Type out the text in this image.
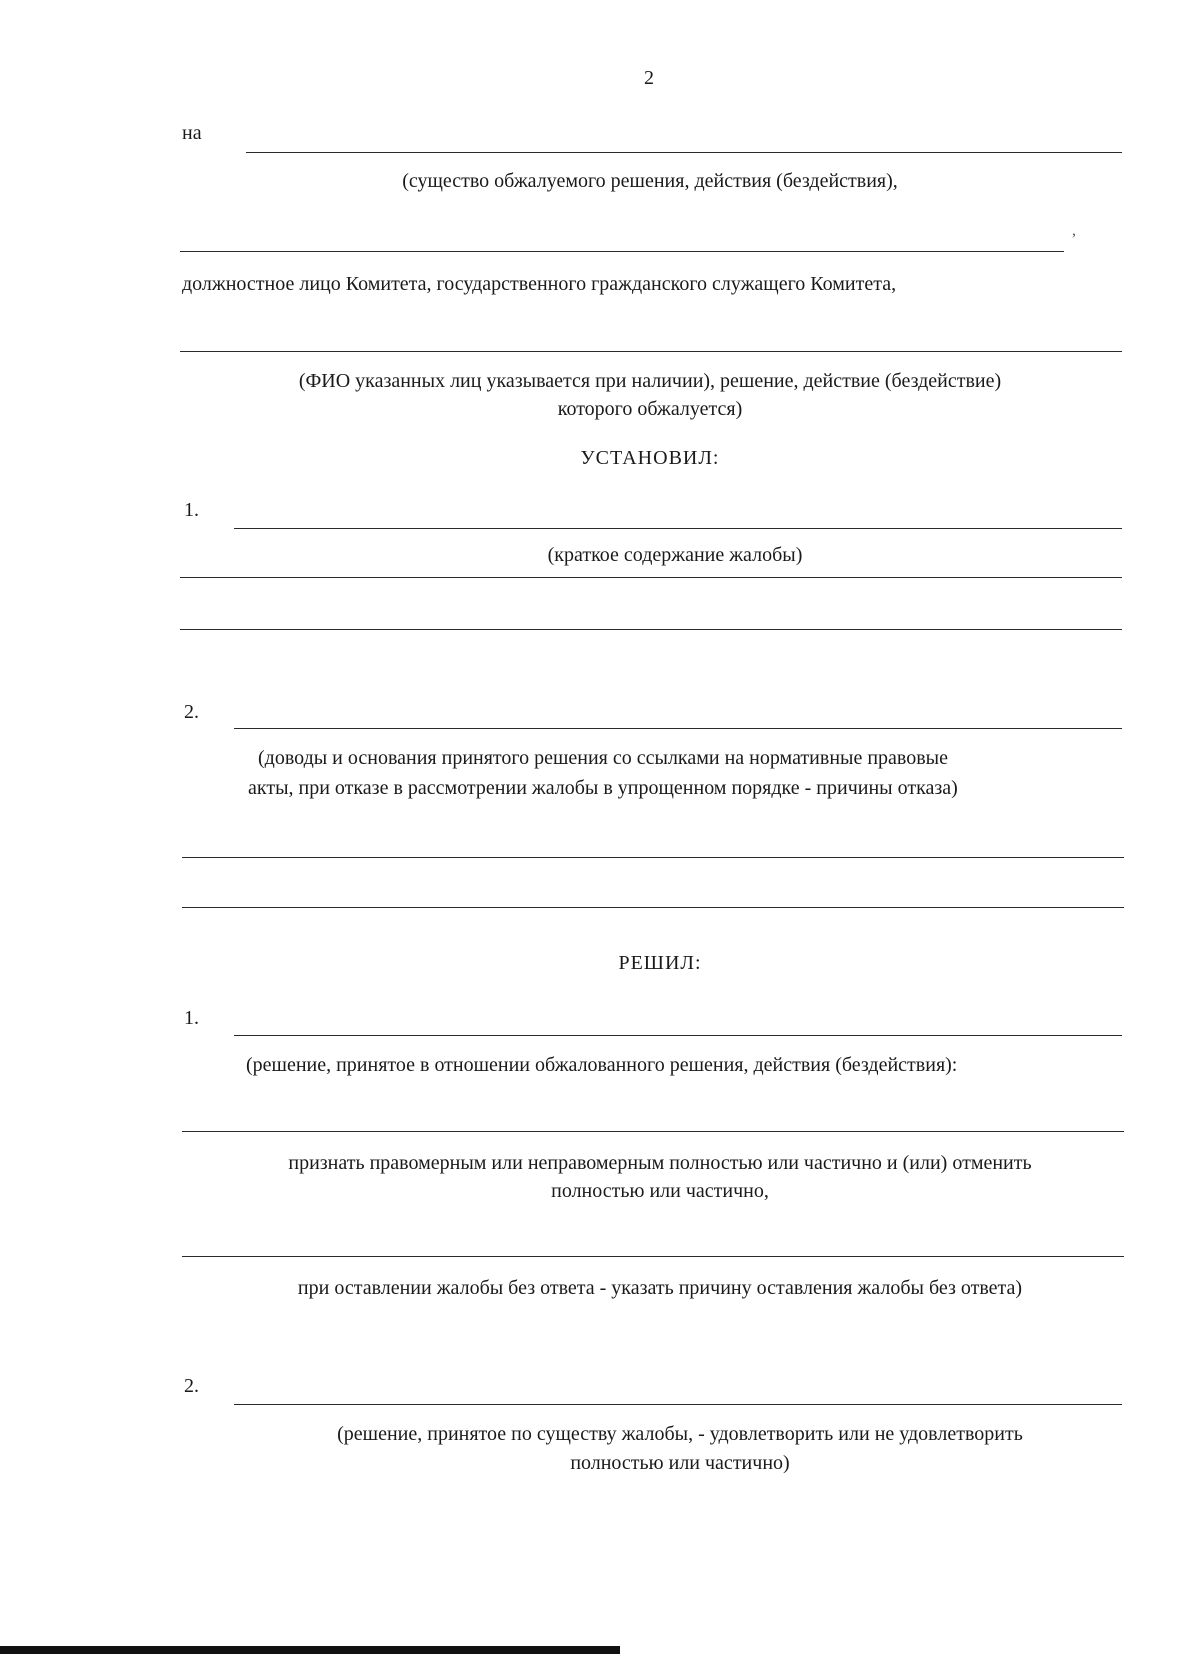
2
на
(существо обжалуемого решения, действия (бездействия),
,
должностное лицо Комитета, государственного гражданского служащего Комитета,
(ФИО указанных лиц указывается при наличии), решение, действие (бездействие)
которого обжалуется)
УСТАНОВИЛ:
1.
(краткое содержание жалобы)
2.
(доводы и основания принятого решения со ссылками на нормативные правовые
акты, при отказе в рассмотрении жалобы в упрощенном порядке - причины отказа)
РЕШИЛ:
1.
(решение, принятое в отношении обжалованного решения, действия (бездействия):
признать правомерным или неправомерным полностью или частично и (или) отменить
полностью или частично,
при оставлении жалобы без ответа - указать причину оставления жалобы без ответа)
2.
(решение, принятое по существу жалобы, - удовлетворить или не удовлетворить
полностью или частично)
